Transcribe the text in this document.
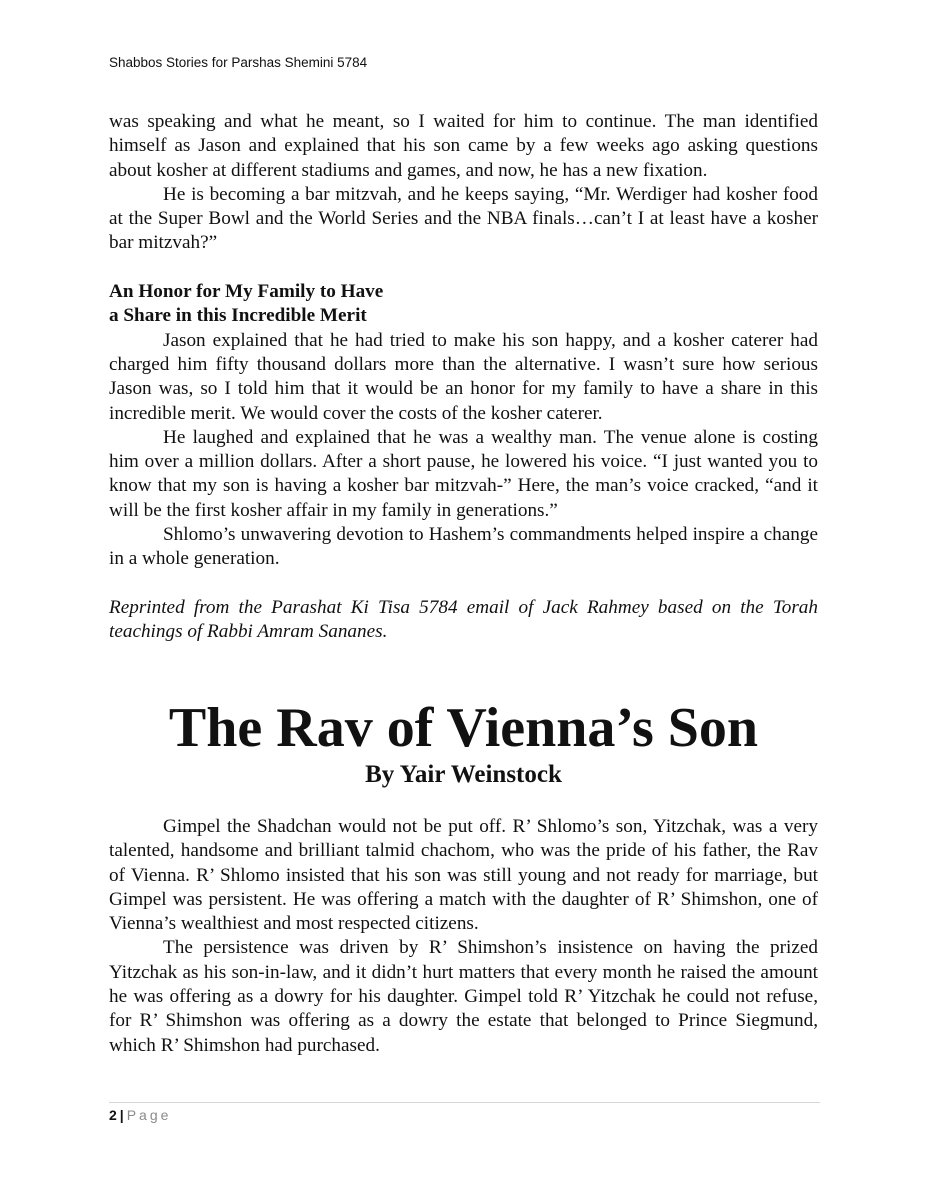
Shabbos Stories for Parshas Shemini 5784

was speaking and what he meant, so I waited for him to continue. The man identified himself as Jason and explained that his son came by a few weeks ago asking questions about kosher at different stadiums and games, and now, he has a new fixation.

He is becoming a bar mitzvah, and he keeps saying, “Mr. Werdiger had kosher food at the Super Bowl and the World Series and the NBA finals…can’t I at least have a kosher bar mitzvah?”

An Honor for My Family to Have

a Share in this Incredible Merit

Jason explained that he had tried to make his son happy, and a kosher caterer had charged him fifty thousand dollars more than the alternative. I wasn’t sure how serious Jason was, so I told him that it would be an honor for my family to have a share in this incredible merit. We would cover the costs of the kosher caterer.

He laughed and explained that he was a wealthy man. The venue alone is costing him over a million dollars. After a short pause, he lowered his voice. “I just wanted you to know that my son is having a kosher bar mitzvah-” Here, the man’s voice cracked, “and it will be the first kosher affair in my family in generations.”

Shlomo’s unwavering devotion to Hashem’s commandments helped inspire a change in a whole generation.

Reprinted from the Parashat Ki Tisa 5784 email of Jack Rahmey based on the Torah teachings of Rabbi Amram Sananes.

The Rav of Vienna’s Son
By Yair Weinstock

Gimpel the Shadchan would not be put off. R’ Shlomo’s son, Yitzchak, was a very talented, handsome and brilliant talmid chachom, who was the pride of his father, the Rav of Vienna. R’ Shlomo insisted that his son was still young and not ready for marriage, but Gimpel was persistent. He was offering a match with the daughter of R’ Shimshon, one of Vienna’s wealthiest and most respected citizens.

The persistence was driven by R’ Shimshon’s insistence on having the prized Yitzchak as his son-in-law, and it didn’t hurt matters that every month he raised the amount he was offering as a dowry for his daughter. Gimpel told R’ Yitzchak he could not refuse, for R’ Shimshon was offering as a dowry the estate that belonged to Prince Siegmund, which R’ Shimshon had purchased.

2 | Page
